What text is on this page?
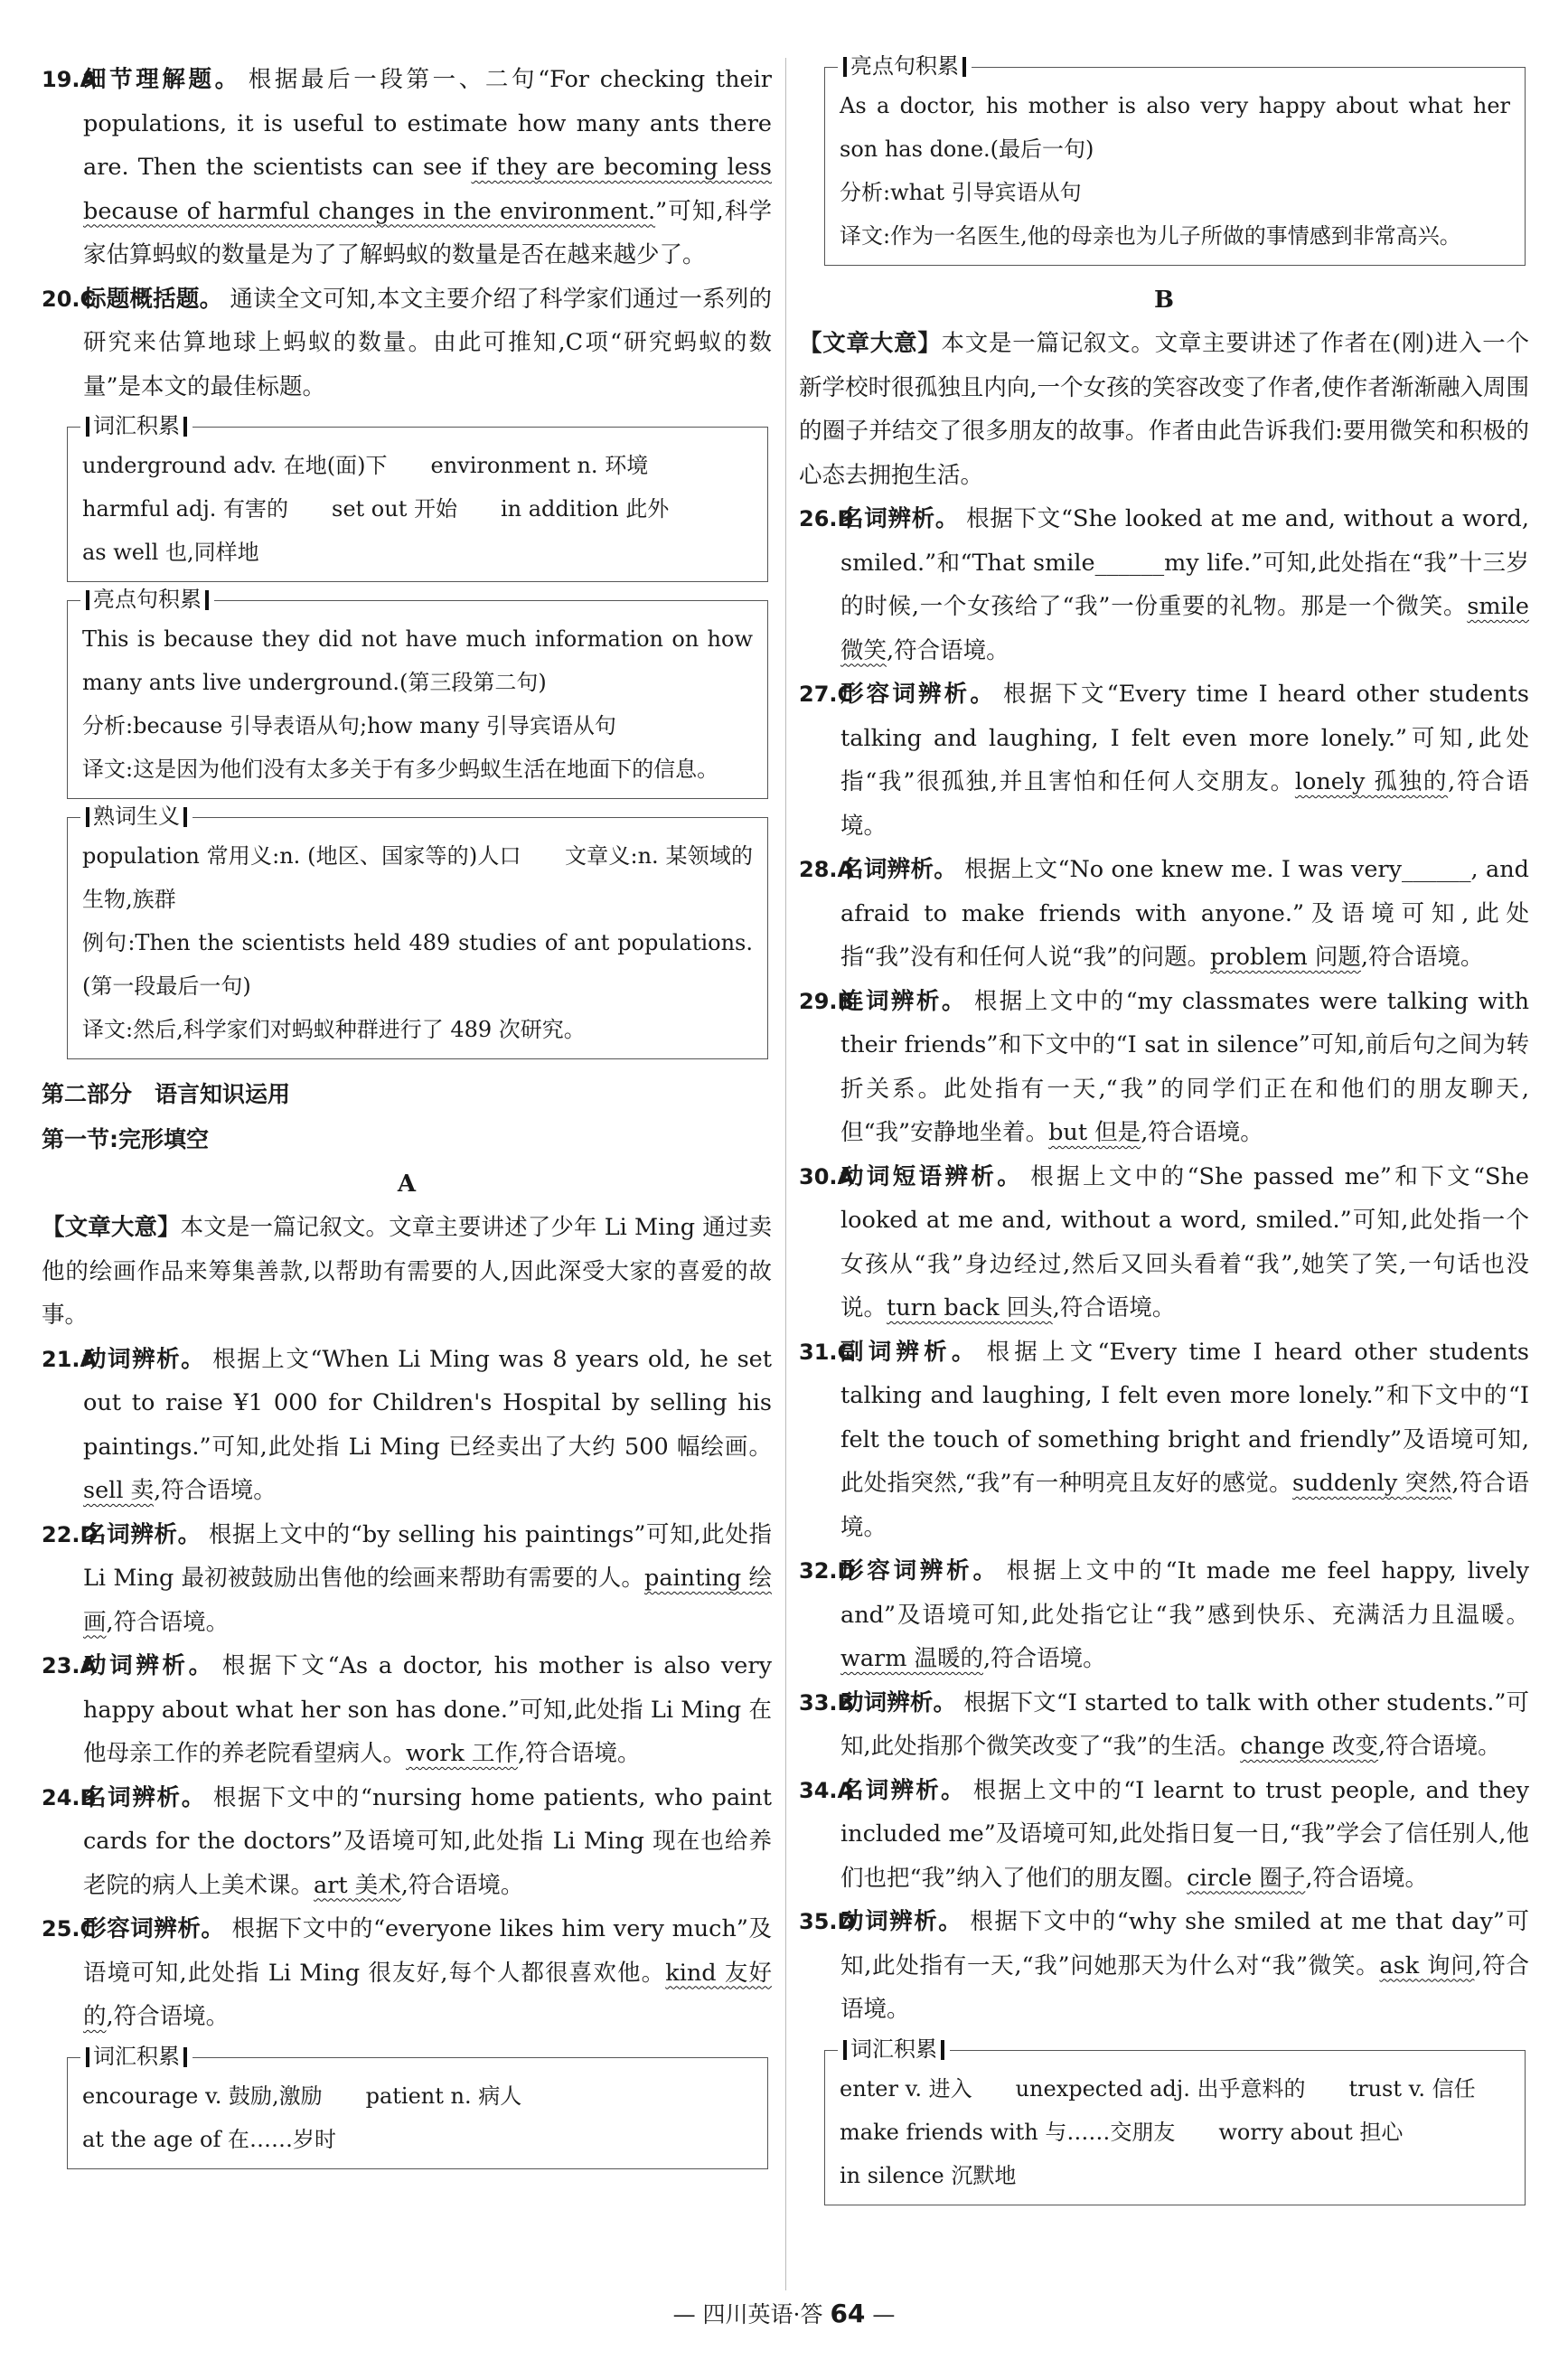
19.A
细节理解题。 根据最后一段第一、二句“For checking their populations, it is useful to estimate how many ants there are. Then the scientists can see if they are becoming less because of harmful changes in the environment.”可知,科学家估算蚂蚁的数量是为了了解蚂蚁的数量是否在越来越少了。
20.C
标题概括题。 通读全文可知,本文主要介绍了科学家们通过一系列的研究来估算地球上蚂蚁的数量。由此可推知,C项“研究蚂蚁的数量”是本文的最佳标题。
词汇积累

underground adv. 在地(面)下　　environment n. 环境

harmful adj. 有害的　　set out 开始　　in addition 此外

as well 也,同样地

亮点句积累

This is because they did not have much information on how many ants live underground.(第三段第二句)

分析:because 引导表语从句;how many 引导宾语从句

译文:这是因为他们没有太多关于有多少蚂蚁生活在地面下的信息。

熟词生义

population 常用义:n. (地区、国家等的)人口　　文章义:n. 某领域的生物,族群

例句:Then the scientists held 489 studies of ant populations.(第一段最后一句)

译文:然后,科学家们对蚂蚁种群进行了 489 次研究。

第二部分　语言知识运用

第一节:完形填空

A

【文章大意】本文是一篇记叙文。文章主要讲述了少年 Li Ming 通过卖他的绘画作品来筹集善款,以帮助有需要的人,因此深受大家的喜爱的故事。

21.A
动词辨析。 根据上文“When Li Ming was 8 years old, he set out to raise ¥1 000 for Children's Hospital by selling his paintings.”可知,此处指 Li Ming 已经卖出了大约 500 幅绘画。sell 卖,符合语境。
22.D
名词辨析。 根据上文中的“by selling his paintings”可知,此处指 Li Ming 最初被鼓励出售他的绘画来帮助有需要的人。painting 绘画,符合语境。
23.A
动词辨析。 根据下文“As a doctor, his mother is also very happy about what her son has done.”可知,此处指 Li Ming 在他母亲工作的养老院看望病人。work 工作,符合语境。
24.B
名词辨析。 根据下文中的“nursing home patients, who paint cards for the doctors”及语境可知,此处指 Li Ming 现在也给养老院的病人上美术课。art 美术,符合语境。
25.C
形容词辨析。 根据下文中的“everyone likes him very much”及语境可知,此处指 Li Ming 很友好,每个人都很喜欢他。kind 友好的,符合语境。
词汇积累

encourage v. 鼓励,激励　　patient n. 病人

at the age of 在……岁时

亮点句积累

As a doctor, his mother is also very happy about what her son has done.(最后一句)

分析:what 引导宾语从句

译文:作为一名医生,他的母亲也为儿子所做的事情感到非常高兴。

B

【文章大意】本文是一篇记叙文。文章主要讲述了作者在(刚)进入一个新学校时很孤独且内向,一个女孩的笑容改变了作者,使作者渐渐融入周围的圈子并结交了很多朋友的故事。作者由此告诉我们:要用微笑和积极的心态去拥抱生活。

26.B
名词辨析。 根据下文“She looked at me and, without a word, smiled.”和“That smile______my life.”可知,此处指在“我”十三岁的时候,一个女孩给了“我”一份重要的礼物。那是一个微笑。smile 微笑,符合语境。
27.C
形容词辨析。 根据下文“Every time I heard other students talking and laughing, I felt even more lonely.”可知,此处指“我”很孤独,并且害怕和任何人交朋友。lonely 孤独的,符合语境。
28.A
名词辨析。 根据上文“No one knew me. I was very______, and afraid to make friends with anyone.”及语境可知,此处指“我”没有和任何人说“我”的问题。problem 问题,符合语境。
29.B
连词辨析。 根据上文中的“my classmates were talking with their friends”和下文中的“I sat in silence”可知,前后句之间为转折关系。此处指有一天,“我”的同学们正在和他们的朋友聊天,但“我”安静地坐着。but 但是,符合语境。
30.A
动词短语辨析。 根据上文中的“She passed me”和下文“She looked at me and, without a word, smiled.”可知,此处指一个女孩从“我”身边经过,然后又回头看着“我”,她笑了笑,一句话也没说。turn back 回头,符合语境。
31.C
副词辨析。 根据上文“Every time I heard other students talking and laughing, I felt even more lonely.”和下文中的“I felt the touch of something bright and friendly”及语境可知,此处指突然,“我”有一种明亮且友好的感觉。suddenly 突然,符合语境。
32.D
形容词辨析。 根据上文中的“It made me feel happy, lively and”及语境可知,此处指它让“我”感到快乐、充满活力且温暖。warm 温暖的,符合语境。
33.B
动词辨析。 根据下文“I started to talk with other students.”可知,此处指那个微笑改变了“我”的生活。change 改变,符合语境。
34.A
名词辨析。 根据上文中的“I learnt to trust people, and they included me”及语境可知,此处指日复一日,“我”学会了信任别人,他们也把“我”纳入了他们的朋友圈。circle 圈子,符合语境。
35.D
动词辨析。 根据下文中的“why she smiled at me that day”可知,此处指有一天,“我”问她那天为什么对“我”微笑。ask 询问,符合语境。
词汇积累

enter v. 进入　　unexpected adj. 出乎意料的　　trust v. 信任

make friends with 与……交朋友　　worry about 担心

in silence 沉默地

— 四川英语·答 64 —
